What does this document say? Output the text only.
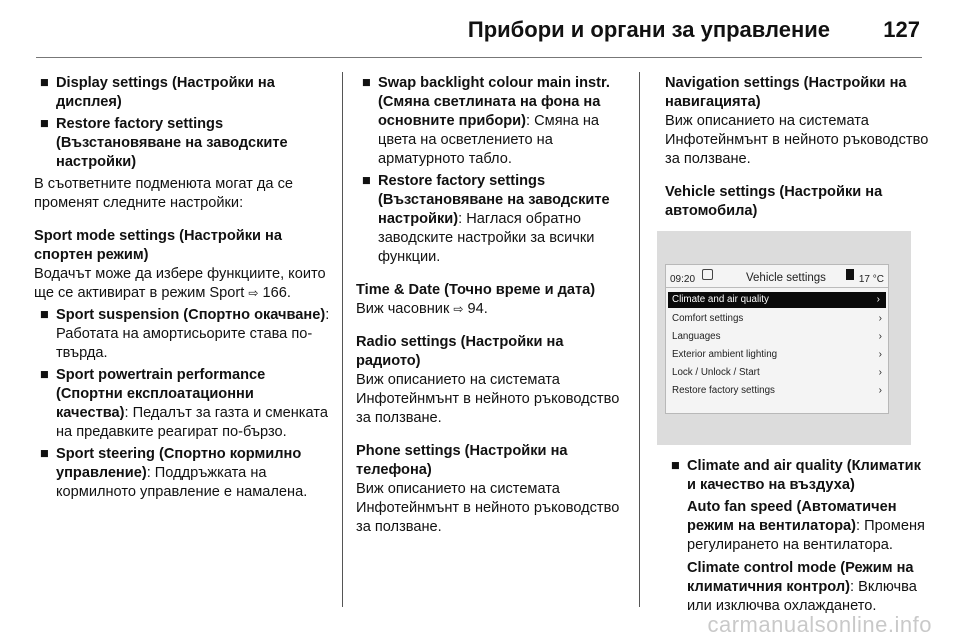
Прибори и органи за управление 127
■ Display settings (Настройки на дисплея)
■ Restore factory settings (Възстановяване на заводските настройки)

В съответните подменюта могат да се променят следните настройки:

Sport mode settings (Настройки на спортен режим)

Водачът може да избере функциите, които ще се активират в режим Sport ⇨ 166.

■ Sport suspension (Спортно окачване): Работата на амортисьорите става по-твърда.
■ Sport powertrain performance (Спортни експлоатационни качества): Педалът за газта и сменката на предавките реагират по-бързо.
■ Sport steering (Спортно кормилно управление): Поддръжката на кормилното управление е намалена.
■ Swap backlight colour main instr. (Смяна светлината на фона на основните прибори): Смяна на цвета на осветлението на арматурното табло.
■ Restore factory settings (Възстановяване на заводските настройки): Наглася обратно заводските настройки за всички функции.

Time & Date (Точно време и дата)

Виж часовник ⇨ 94.

Radio settings (Настройки на радиото)

Виж описанието на системата Инфотейнмънт в нейното ръководство за ползване.

Phone settings (Настройки на телефона)

Виж описанието на системата Инфотейнмънт в нейното ръководство за ползване.

Navigation settings (Настройки на навигацията)

Виж описанието на системата Инфотейнмънт в нейното ръководство за ползване.

Vehicle settings (Настройки на автомобила)

09:20	Vehicle settings	17 °C
Climate and air quality	›
Comfort settings	›
Languages	›
Exterior ambient lighting	›
Lock / Unlock / Start	›
Restore factory settings	›
■ Climate and air quality (Климатик и качество на въздуха)

Auto fan speed (Автоматичен режим на вентилатора): Променя регулирането на вентилатора.

Climate control mode (Режим на климатичния контрол): Включва или изключва охлаждането.

carmanualsonline.info
